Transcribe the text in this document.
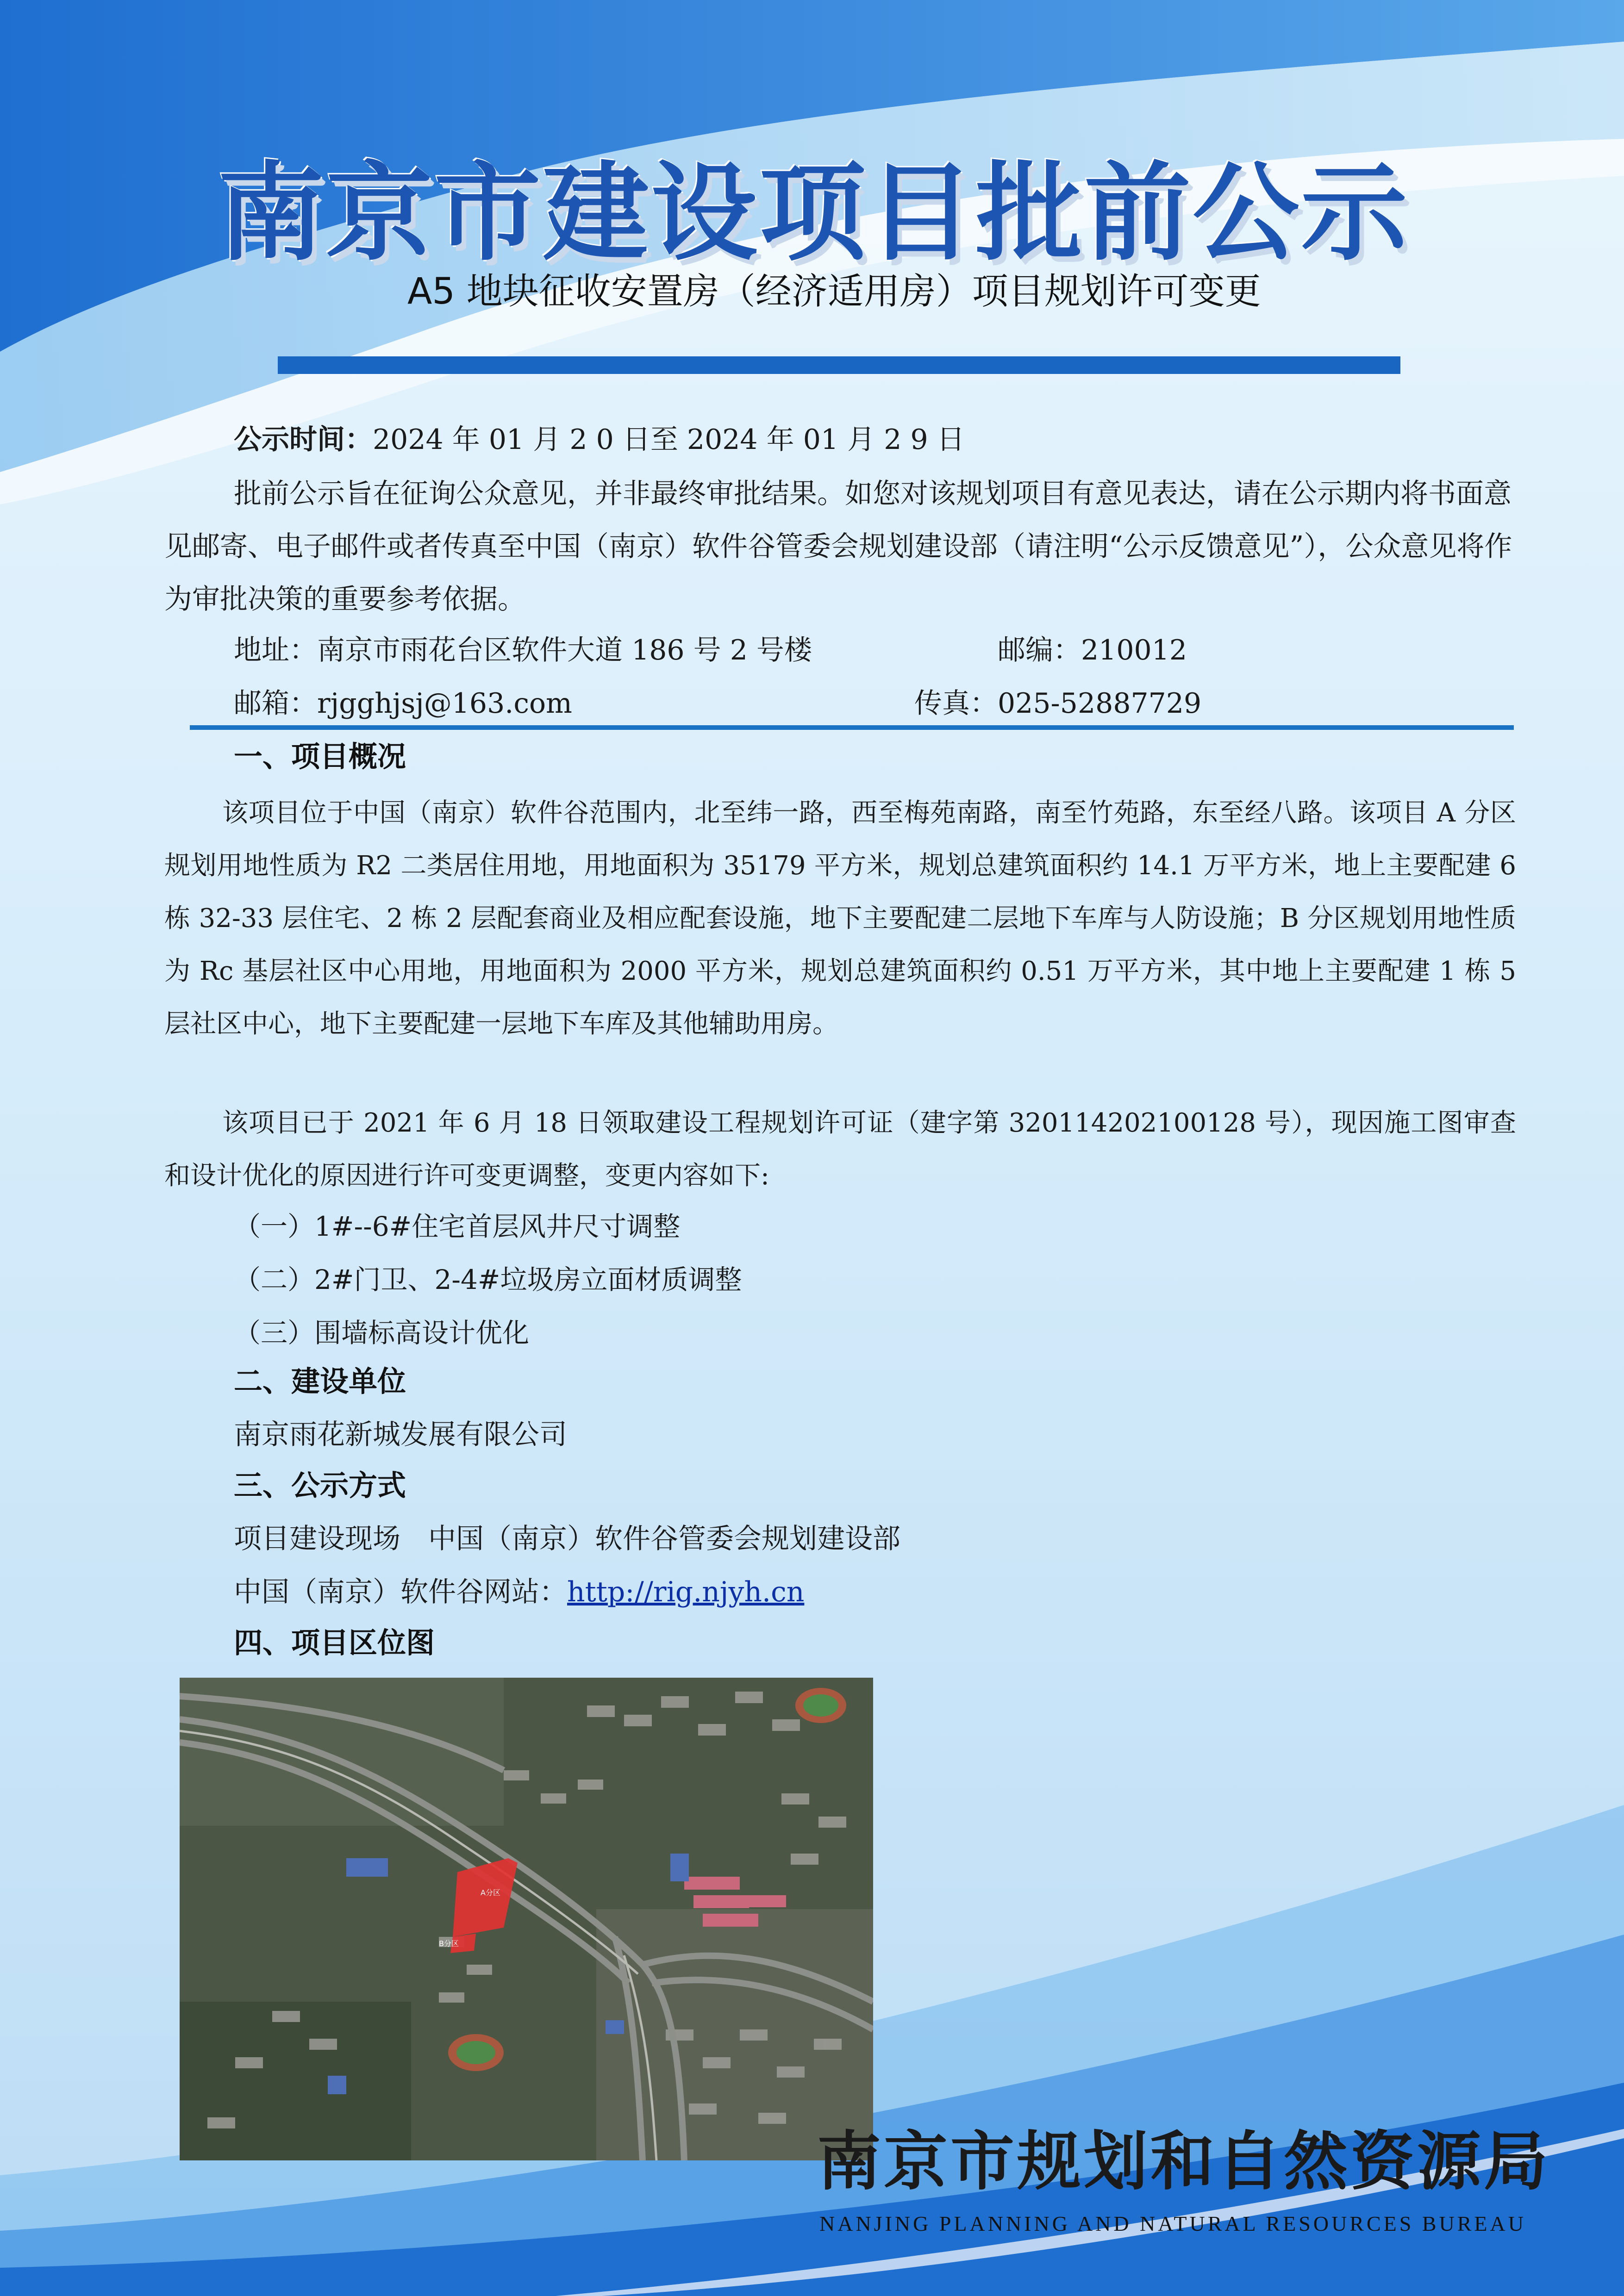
南京市建设项目批前公示
A5 地块征收安置房（经济适用房）项目规划许可变更
公示时间：2024 年 01 月 2 0 日至 2024 年 01 月 2 9 日
批前公示旨在征询公众意见，并非最终审批结果。如您对该规划项目有意见表达，请在公示期内将书面意见邮寄、电子邮件或者传真至中国（南京）软件谷管委会规划建设部（请注明“公示反馈意见”），公众意见将作为审批决策的重要参考依据。
地址：南京市雨花台区软件大道 186 号 2 号楼	邮编：210012
邮箱：rjgghjsj@163.com	传真：025-52887729
一、项目概况
该项目位于中国（南京）软件谷范围内，北至纬一路，西至梅苑南路，南至竹苑路，东至经八路。该项目 A 分区规划用地性质为 R2 二类居住用地，用地面积为 35179 平方米，规划总建筑面积约 14.1 万平方米，地上主要配建 6 栋 32-33 层住宅、2 栋 2 层配套商业及相应配套设施，地下主要配建二层地下车库与人防设施；B 分区规划用地性质为 Rc 基层社区中心用地，用地面积为 2000 平方米，规划总建筑面积约 0.51 万平方米，其中地上主要配建 1 栋 5 层社区中心，地下主要配建一层地下车库及其他辅助用房。
该项目已于 2021 年 6 月 18 日领取建设工程规划许可证（建字第 320114202100128 号），现因施工图审查和设计优化的原因进行许可变更调整，变更内容如下:
（一）1#--6#住宅首层风井尺寸调整
（二）2#门卫、2-4#垃圾房立面材质调整
（三）围墙标高设计优化
二、建设单位
南京雨花新城发展有限公司
三、公示方式
项目建设现场　中国（南京）软件谷管委会规划建设部
中国（南京）软件谷网站：http://rig.njyh.cn
四、项目区位图
A分区
B分区
南京市规划和自然资源局
NANJING PLANNING AND NATURAL RESOURCES BUREAU
